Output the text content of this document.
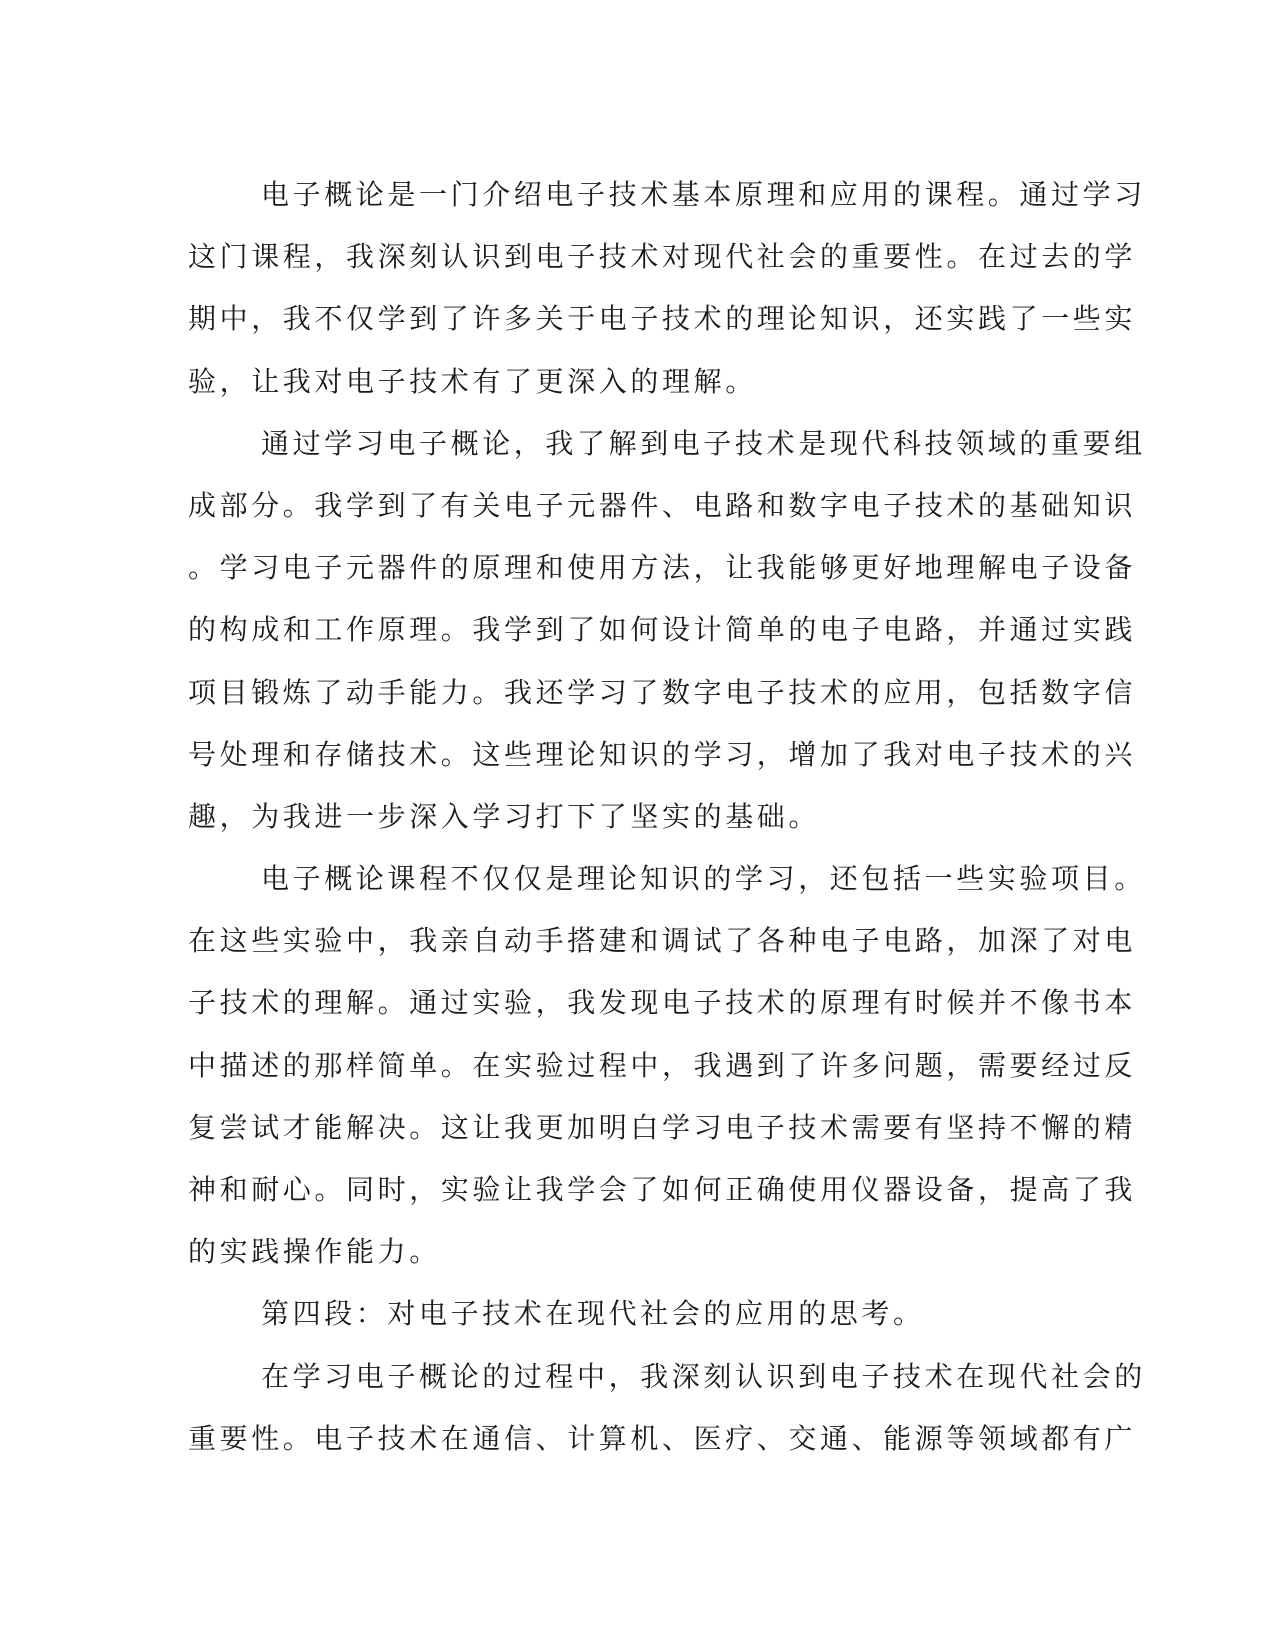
电子概论是一门介绍电子技术基本原理和应用的课程。通过学习
这门课程，我深刻认识到电子技术对现代社会的重要性。在过去的学
期中，我不仅学到了许多关于电子技术的理论知识，还实践了一些实
验，让我对电子技术有了更深入的理解。
通过学习电子概论，我了解到电子技术是现代科技领域的重要组
成部分。我学到了有关电子元器件、电路和数字电子技术的基础知识
。学习电子元器件的原理和使用方法，让我能够更好地理解电子设备
的构成和工作原理。我学到了如何设计简单的电子电路，并通过实践
项目锻炼了动手能力。我还学习了数字电子技术的应用，包括数字信
号处理和存储技术。这些理论知识的学习，增加了我对电子技术的兴
趣，为我进一步深入学习打下了坚实的基础。
电子概论课程不仅仅是理论知识的学习，还包括一些实验项目。
在这些实验中，我亲自动手搭建和调试了各种电子电路，加深了对电
子技术的理解。通过实验，我发现电子技术的原理有时候并不像书本
中描述的那样简单。在实验过程中，我遇到了许多问题，需要经过反
复尝试才能解决。这让我更加明白学习电子技术需要有坚持不懈的精
神和耐心。同时，实验让我学会了如何正确使用仪器设备，提高了我
的实践操作能力。
第四段：对电子技术在现代社会的应用的思考。
在学习电子概论的过程中，我深刻认识到电子技术在现代社会的
重要性。电子技术在通信、计算机、医疗、交通、能源等领域都有广
